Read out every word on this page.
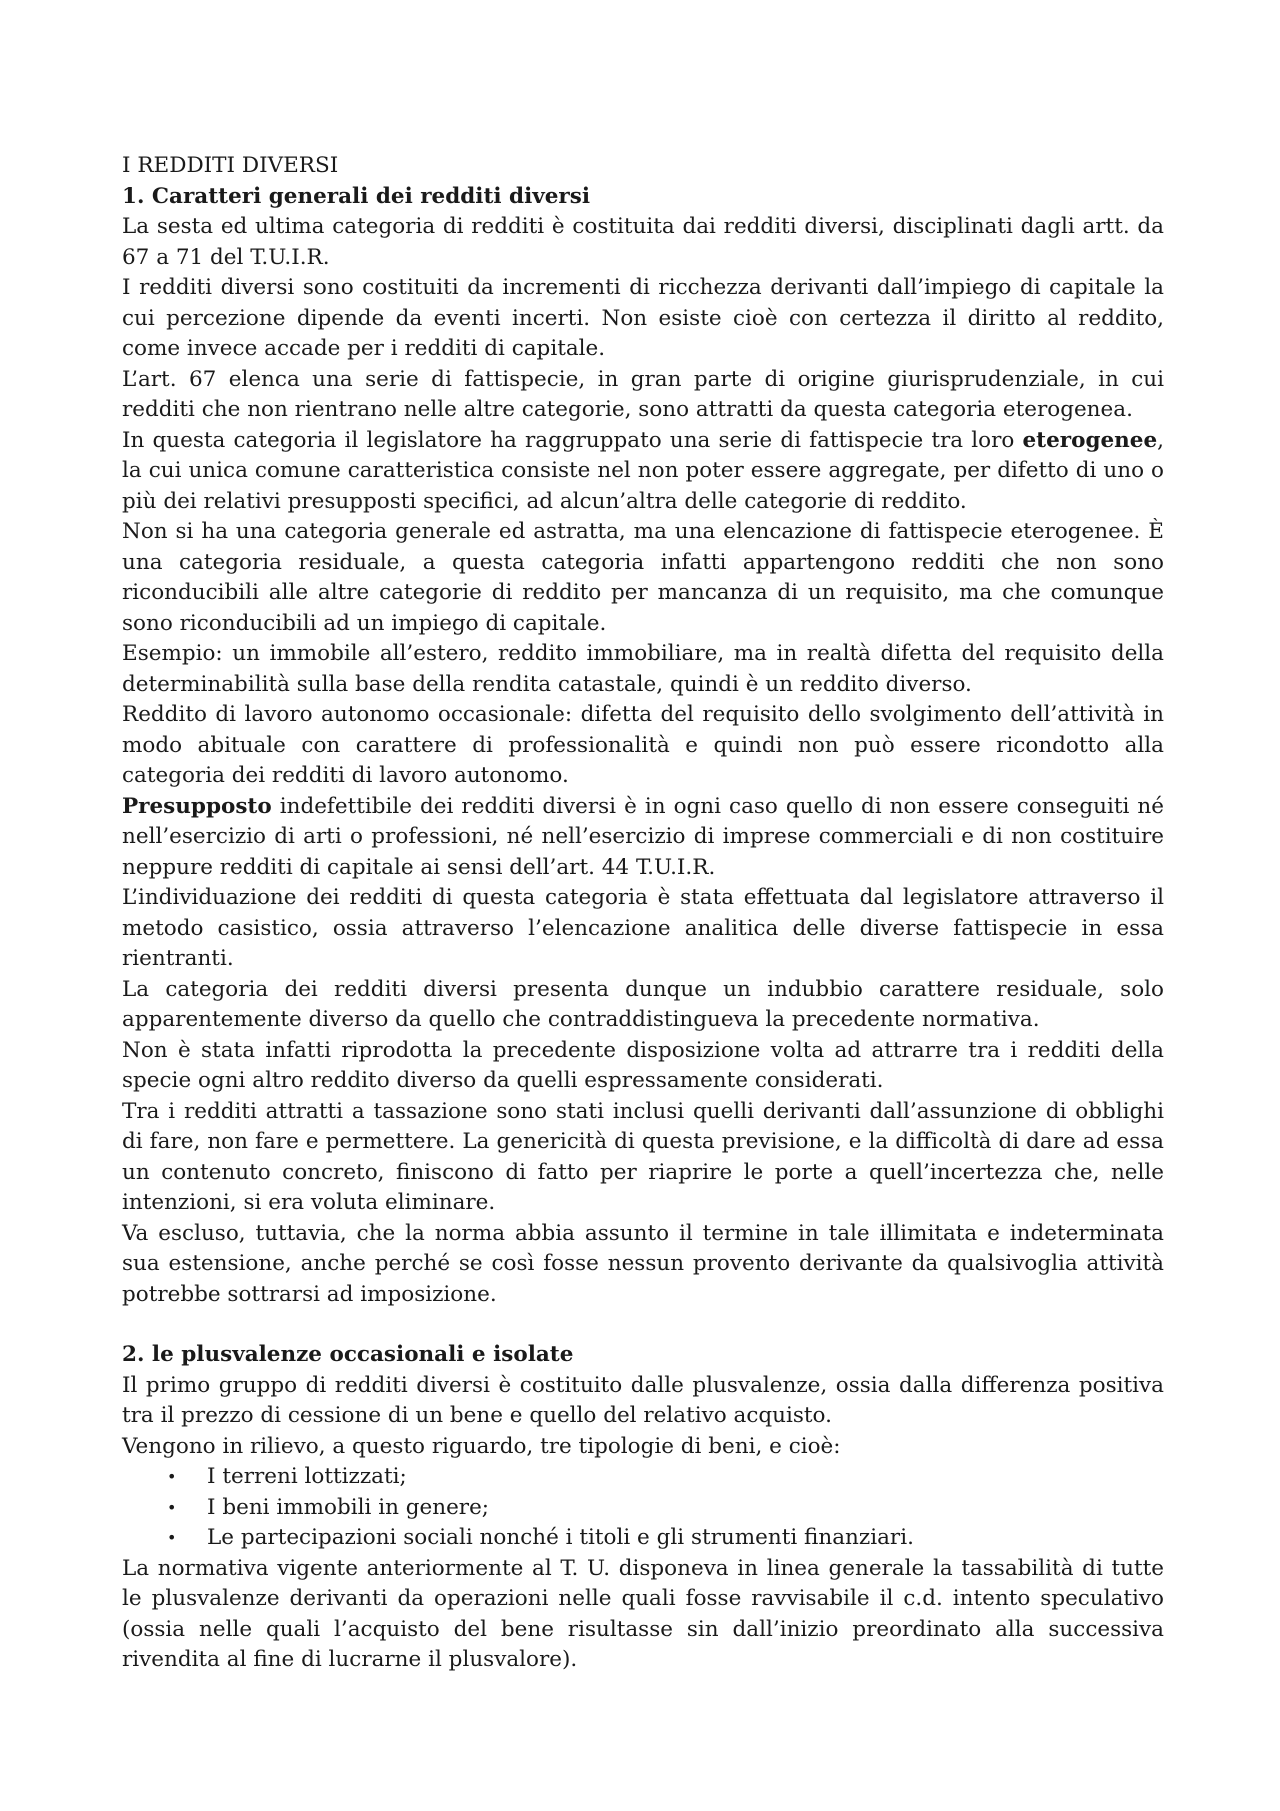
I REDDITI DIVERSI

1. Caratteri generali dei redditi diversi

La sesta ed ultima categoria di redditi è costituita dai redditi diversi, disciplinati dagli artt. da 67 a 71 del T.U.I.R.

I redditi diversi sono costituiti da incrementi di ricchezza derivanti dall’impiego di capitale la cui percezione dipende da eventi incerti. Non esiste cioè con certezza il diritto al reddito, come invece accade per i redditi di capitale.

L’art. 67 elenca una serie di fattispecie, in gran parte di origine giurisprudenziale, in cui redditi che non rientrano nelle altre categorie, sono attratti da questa categoria eterogenea.

In questa categoria il legislatore ha raggruppato una serie di fattispecie tra loro eterogenee, la cui unica comune caratteristica consiste nel non poter essere aggregate, per difetto di uno o più dei relativi presupposti specifici, ad alcun’altra delle categorie di reddito.

Non si ha una categoria generale ed astratta, ma una elencazione di fattispecie eterogenee. È una categoria residuale, a questa categoria infatti appartengono redditi che non sono riconducibili alle altre categorie di reddito per mancanza di un requisito, ma che comunque sono riconducibili ad un impiego di capitale.

Esempio: un immobile all’estero, reddito immobiliare, ma in realtà difetta del requisito della determinabilità sulla base della rendita catastale, quindi è un reddito diverso.

Reddito di lavoro autonomo occasionale: difetta del requisito dello svolgimento dell’attività in modo abituale con carattere di professionalità e quindi non può essere ricondotto alla categoria dei redditi di lavoro autonomo.

Presupposto indefettibile dei redditi diversi è in ogni caso quello di non essere conseguiti né nell’esercizio di arti o professioni, né nell’esercizio di imprese commerciali e di non costituire neppure redditi di capitale ai sensi dell’art. 44 T.U.I.R.

L’individuazione dei redditi di questa categoria è stata effettuata dal legislatore attraverso il metodo casistico, ossia attraverso l’elencazione analitica delle diverse fattispecie in essa rientranti.

La categoria dei redditi diversi presenta dunque un indubbio carattere residuale, solo apparentemente diverso da quello che contraddistingueva la precedente normativa.

Non è stata infatti riprodotta la precedente disposizione volta ad attrarre tra i redditi della specie ogni altro reddito diverso da quelli espressamente considerati.

Tra i redditi attratti a tassazione sono stati inclusi quelli derivanti dall’assunzione di obblighi di fare, non fare e permettere. La genericità di questa previsione, e la difficoltà di dare ad essa un contenuto concreto, finiscono di fatto per riaprire le porte a quell’incertezza che, nelle intenzioni, si era voluta eliminare.

Va escluso, tuttavia, che la norma abbia assunto il termine in tale illimitata e indeterminata sua estensione, anche perché se così fosse nessun provento derivante da qualsivoglia attività potrebbe sottrarsi ad imposizione.

2. le plusvalenze occasionali e isolate

Il primo gruppo di redditi diversi è costituito dalle plusvalenze, ossia dalla differenza positiva tra il prezzo di cessione di un bene e quello del relativo acquisto.

Vengono in rilievo, a questo riguardo, tre tipologie di beni, e cioè:

• I terreni lottizzati;
• I beni immobili in genere;
• Le partecipazioni sociali nonché i titoli e gli strumenti finanziari.

La normativa vigente anteriormente al T. U. disponeva in linea generale la tassabilità di tutte le plusvalenze derivanti da operazioni nelle quali fosse ravvisabile il c.d. intento speculativo (ossia nelle quali l’acquisto del bene risultasse sin dall’inizio preordinato alla successiva rivendita al fine di lucrarne il plusvalore).
